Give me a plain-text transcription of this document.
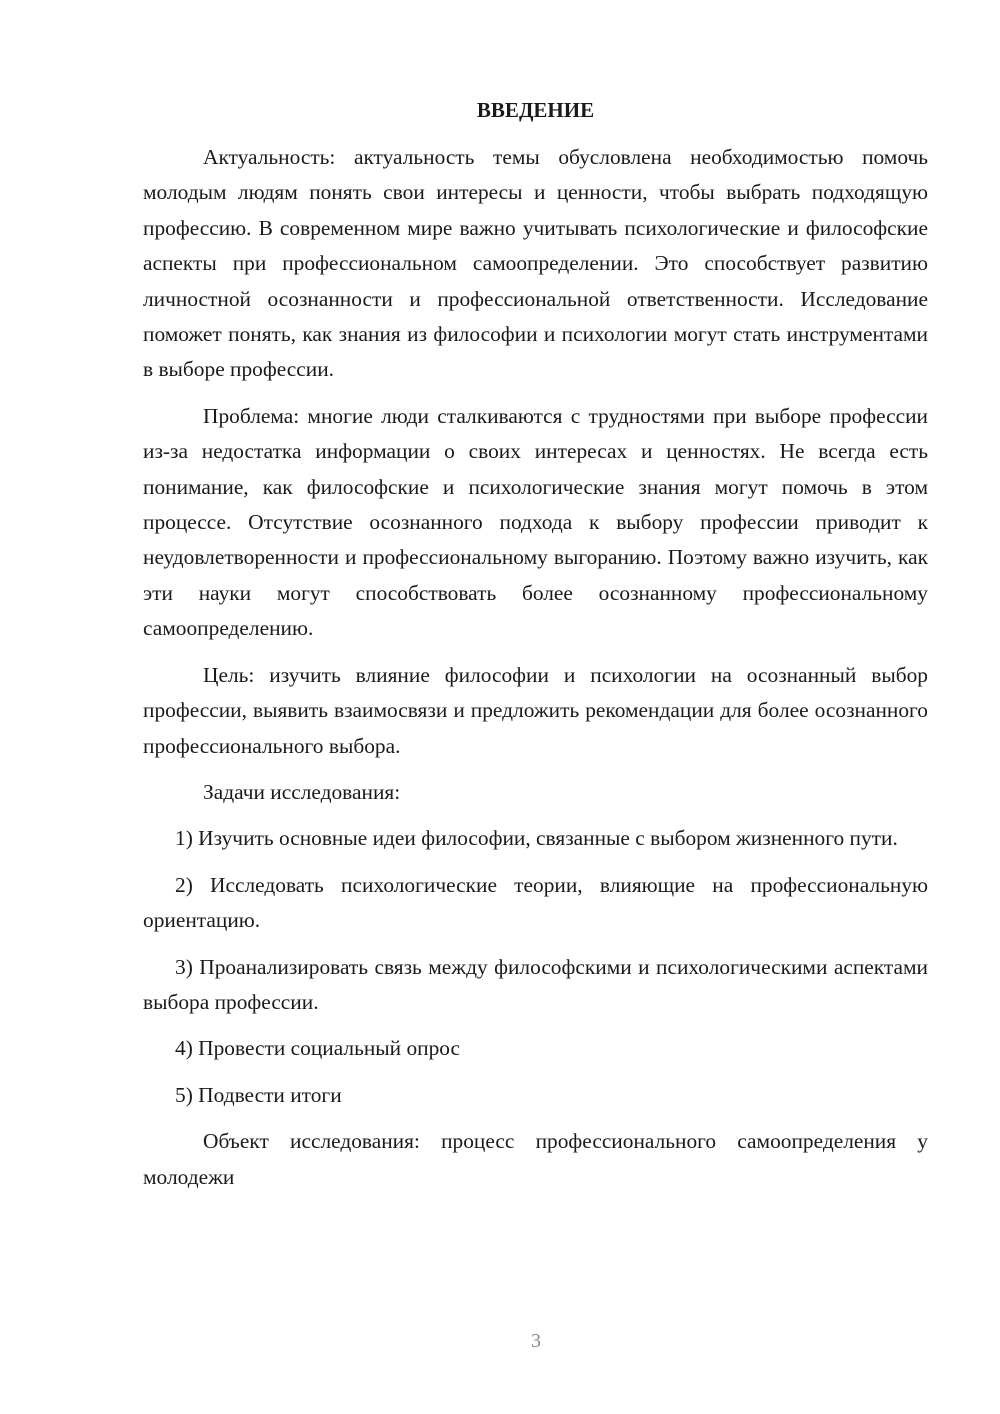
ВВЕДЕНИЕ

Актуальность: актуальность темы обусловлена необходимостью помочь молодым людям понять свои интересы и ценности, чтобы выбрать подходящую профессию. В современном мире важно учитывать психологические и философские аспекты при профессиональном самоопределении. Это способствует развитию личностной осознанности и профессиональной ответственности. Исследование поможет понять, как знания из философии и психологии могут стать инструментами в выборе профессии.

Проблема: многие люди сталкиваются с трудностями при выборе профессии из-за недостатка информации о своих интересах и ценностях. Не всегда есть понимание, как философские и психологические знания могут помочь в этом процессе. Отсутствие осознанного подхода к выбору профессии приводит к неудовлетворенности и профессиональному выгоранию. Поэтому важно изучить, как эти науки могут способствовать более осознанному профессиональному самоопределению.

Цель: изучить влияние философии и психологии на осознанный выбор профессии, выявить взаимосвязи и предложить рекомендации для более осознанного профессионального выбора.

Задачи исследования:

1) Изучить основные идеи философии, связанные с выбором жизненного пути.

2) Исследовать психологические теории, влияющие на профессиональную ориентацию.

3) Проанализировать связь между философскими и психологическими аспектами выбора профессии.

4) Провести социальный опрос

5) Подвести итоги

Объект исследования: процесс профессионального самоопределения у молодежи

3
